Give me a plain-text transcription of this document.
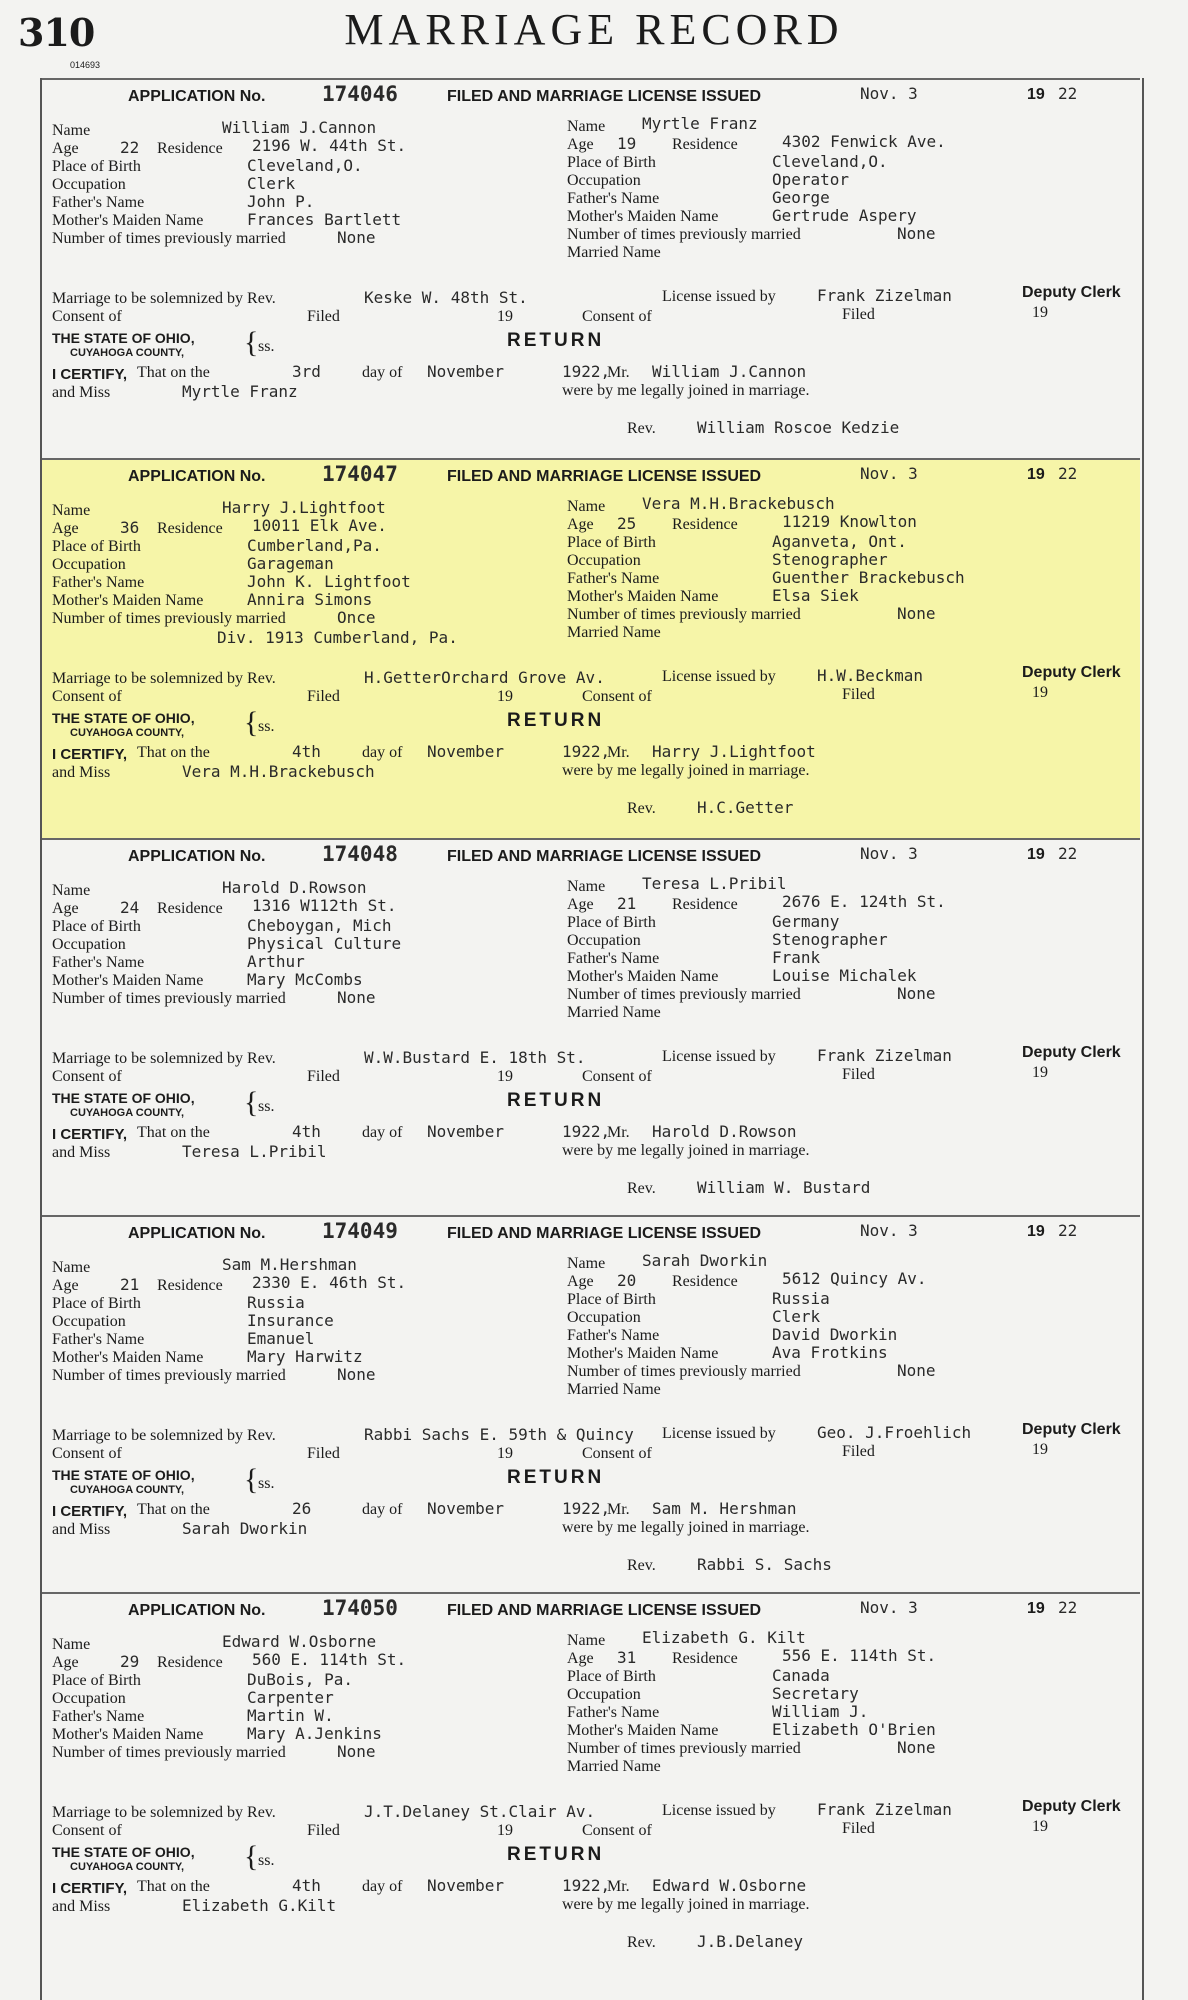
310
014693
MARRIAGE RECORD
APPLICATION No.	174046	FILED AND MARRIAGE LICENSE ISSUED	Nov. 3	19 22
Name	William J.Cannon
Age	22 Residence 2196 W. 44th St.
Place of Birth	Cleveland,O.
Occupation	Clerk
Father's Name	John P.
Mother's Maiden Name	Frances Bartlett
Number of times previously married	None
Name Myrtle Franz
Age 19 Residence	4302 Fenwick Ave.
Place of Birth	Cleveland,O.
Occupation	Operator
Father's Name	George
Mother's Maiden Name	Gertrude Aspery
Number of times previously married	None
Married Name
Marriage to be solemnized by Rev.	Keske W. 48th St.	License issued by	Frank Zizelman	Deputy Clerk
Consent of	Filed	19	Consent of	Filed	19
THE STATE OF OHIO,
CUYAHOGA COUNTY, { ss.	RETURN
I CERTIFY, That on the	3rd	day of November	1922,
Mr. William J.Cannon
and Miss	Myrtle Franz	were by me legally joined in marriage.
Rev.	William Roscoe Kedzie
APPLICATION No.	174047	FILED AND MARRIAGE LICENSE ISSUED	Nov. 3	19 22
Name	Harry J.Lightfoot
Age	36 Residence 10011 Elk Ave.
Place of Birth	Cumberland,Pa.
Occupation	Garageman
Father's Name	John K. Lightfoot
Mother's Maiden Name	Annira Simons
Number of times previously married	Once
Div. 1913 Cumberland, Pa.
Name Vera M.H.Brackebusch
Age 25 Residence	11219 Knowlton
Place of Birth	Aganveta, Ont.
Occupation	Stenographer
Father's Name	Guenther Brackebusch
Mother's Maiden Name	Elsa Siek
Number of times previously married	None
Married Name
Marriage to be solemnized by Rev.	H.GetterOrchard Grove Av.	License issued by	H.W.Beckman	Deputy Clerk
Consent of	Filed	19	Consent of	Filed	19
THE STATE OF OHIO,
CUYAHOGA COUNTY, { ss.	RETURN
I CERTIFY, That on the	4th	day of November	1922,
Mr. Harry J.Lightfoot
and Miss	Vera M.H.Brackebusch	were by me legally joined in marriage.
Rev.	H.C.Getter
APPLICATION No.	174048	FILED AND MARRIAGE LICENSE ISSUED	Nov. 3	19 22
Name	Harold D.Rowson
Age	24 Residence 1316 W112th St.
Place of Birth	Cheboygan, Mich
Occupation	Physical Culture
Father's Name	Arthur
Mother's Maiden Name	Mary McCombs
Number of times previously married	None
Name Teresa L.Pribil
Age 21 Residence	2676 E. 124th St.
Place of Birth	Germany
Occupation	Stenographer
Father's Name	Frank
Mother's Maiden Name	Louise Michalek
Number of times previously married	None
Married Name
Marriage to be solemnized by Rev.	W.W.Bustard E. 18th St.	License issued by	Frank Zizelman	Deputy Clerk
Consent of	Filed	19	Consent of	Filed	19
THE STATE OF OHIO,
CUYAHOGA COUNTY, { ss.	RETURN
I CERTIFY, That on the	4th	day of November	1922,
Mr. Harold D.Rowson
and Miss	Teresa L.Pribil	were by me legally joined in marriage.
Rev.	William W. Bustard
APPLICATION No.	174049	FILED AND MARRIAGE LICENSE ISSUED	Nov. 3	19 22
Name	Sam M.Hershman
Age	21 Residence 2330 E. 46th St.
Place of Birth	Russia
Occupation	Insurance
Father's Name	Emanuel
Mother's Maiden Name	Mary Harwitz
Number of times previously married	None
Name Sarah Dworkin
Age 20 Residence	5612 Quincy Av.
Place of Birth	Russia
Occupation	Clerk
Father's Name	David Dworkin
Mother's Maiden Name	Ava Frotkins
Number of times previously married	None
Married Name
Marriage to be solemnized by Rev.	Rabbi Sachs E. 59th & Quincy License issued by	Geo. J.Froehlich	Deputy Clerk
Consent of	Filed	19	Consent of	Filed	19
THE STATE OF OHIO,
CUYAHOGA COUNTY, { ss.	RETURN
I CERTIFY, That on the	26	day of November	1922,
Mr. Sam M. Hershman
and Miss	Sarah Dworkin	were by me legally joined in marriage.
Rev.	Rabbi S. Sachs
APPLICATION No.	174050	FILED AND MARRIAGE LICENSE ISSUED	Nov. 3	19 22
Name	Edward W.Osborne
Age	29 Residence 560 E. 114th St.
Place of Birth	DuBois, Pa.
Occupation	Carpenter
Father's Name	Martin W.
Mother's Maiden Name	Mary A.Jenkins
Number of times previously married	None
Name Elizabeth G. Kilt
Age 31 Residence	556 E. 114th St.
Place of Birth	Canada
Occupation	Secretary
Father's Name	William J.
Mother's Maiden Name	Elizabeth O'Brien
Number of times previously married	None
Married Name
Marriage to be solemnized by Rev.	J.T.Delaney St.Clair Av.	License issued by	Frank Zizelman	Deputy Clerk
Consent of	Filed	19	Consent of	Filed	19
THE STATE OF OHIO,
CUYAHOGA COUNTY, { ss.	RETURN
I CERTIFY, That on the	4th	day of November	1922,
Mr. Edward W.Osborne
and Miss	Elizabeth G.Kilt	were by me legally joined in marriage.
Rev.	J.B.Delaney
